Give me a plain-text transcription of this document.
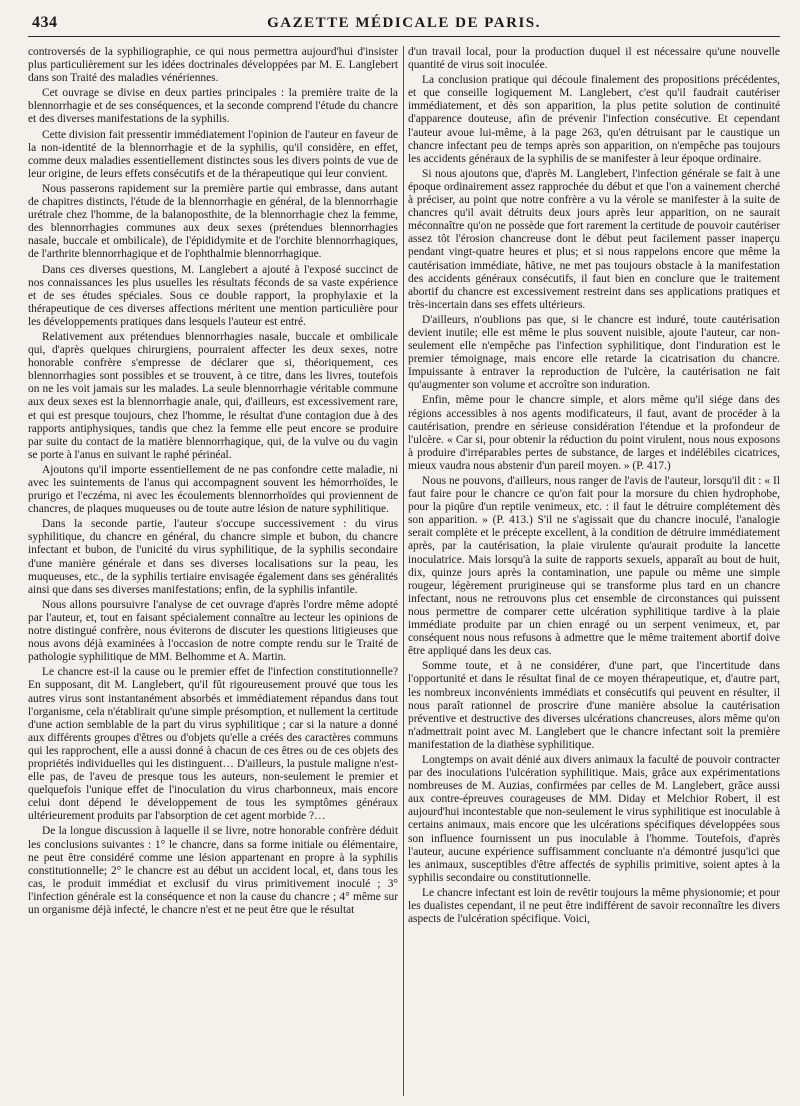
434	GAZETTE MÉDICALE DE PARIS.

controversés de la syphiliographie, ce qui nous permettra aujourd'hui d'insister plus particulièrement sur les idées doctrinales développées par M. E. Langlebert dans son Traité des maladies vénériennes.

Cet ouvrage se divise en deux parties principales : la première traite de la blennorrhagie et de ses conséquences, et la seconde comprend l'étude du chancre et des diverses manifestations de la syphilis.

Cette division fait pressentir immédiatement l'opinion de l'auteur en faveur de la non-identité de la blennorrhagie et de la syphilis, qu'il considère, en effet, comme deux maladies essentiellement distinctes sous les divers points de vue de leur origine, de leurs effets consécutifs et de la thérapeutique qui leur convient.

Nous passerons rapidement sur la première partie qui embrasse, dans autant de chapitres distincts, l'étude de la blennorrhagie en général, de la blennorrhagie urétrale chez l'homme, de la balanoposthite, de la blennorrhagie chez la femme, des blennorrhagies communes aux deux sexes (prétendues blennorrhagies nasale, buccale et ombilicale), de l'épididymite et de l'orchite blennorrhagiques, de l'arthrite blennorrhagique et de l'ophthalmie blennorrhagique.

Dans ces diverses questions, M. Langlebert a ajouté à l'exposé succinct de nos connaissances les plus usuelles les résultats féconds de sa vaste expérience et de ses études spéciales. Sous ce double rapport, la prophylaxie et la thérapeutique de ces diverses affections méritent une mention particulière pour les développements pratiques dans lesquels l'auteur est entré.

Relativement aux prétendues blennorrhagies nasale, buccale et ombilicale qui, d'après quelques chirurgiens, pourraient affecter les deux sexes, notre honorable confrère s'empresse de déclarer que si, théoriquement, ces blennorrhagies sont possibles et se trouvent, à ce titre, dans les livres, toutefois on ne les voit jamais sur les malades. La seule blennorrhagie véritable commune aux deux sexes est la blennorrhagie anale, qui, d'ailleurs, est excessivement rare, et qui est presque toujours, chez l'homme, le résultat d'une contagion due à des rapports antiphysiques, tandis que chez la femme elle peut encore se produire par suite du contact de la matière blennorrhagique, qui, de la vulve ou du vagin se porte à l'anus en suivant le raphé périnéal.

Ajoutons qu'il importe essentiellement de ne pas confondre cette maladie, ni avec les suintements de l'anus qui accompagnent souvent les hémorrhoïdes, le prurigo et l'eczéma, ni avec les écoulements blennorrhoïdes qui proviennent de chancres, de plaques muqueuses ou de toute autre lésion de nature syphilitique.

Dans la seconde partie, l'auteur s'occupe successivement : du virus syphilitique, du chancre en général, du chancre simple et bubon, du chancre infectant et bubon, de l'unicité du virus syphilitique, de la syphilis secondaire d'une manière générale et dans ses diverses localisations sur la peau, les muqueuses, etc., de la syphilis tertiaire envisagée également dans ses généralités ainsi que dans ses diverses manifestations; enfin, de la syphilis infantile.

Nous allons poursuivre l'analyse de cet ouvrage d'après l'ordre même adopté par l'auteur, et, tout en faisant spécialement connaître au lecteur les opinions de notre distingué confrère, nous éviterons de discuter les questions litigieuses que nous avons déjà examinées à l'occasion de notre compte rendu sur le Traité de pathologie syphilitique de MM. Belhomme et A. Martin.

Le chancre est-il la cause ou le premier effet de l'infection constitutionnelle? En supposant, dit M. Langlebert, qu'il fût rigoureusement prouvé que tous les autres virus sont instantanément absorbés et immédiatement répandus dans tout l'organisme, cela n'établirait qu'une simple présomption, et nullement la certitude d'une action semblable de la part du virus syphilitique ; car si la nature a donné aux différents groupes d'êtres ou d'objets qu'elle a créés des caractères communs qui les rapprochent, elle a aussi donné à chacun de ces êtres ou de ces objets des propriétés individuelles qui les distinguent… D'ailleurs, la pustule maligne n'est-elle pas, de l'aveu de presque tous les auteurs, non-seulement le premier et quelquefois l'unique effet de l'inoculation du virus charbonneux, mais encore celui dont dépend le développement de tous les symptômes généraux ultérieurement produits par l'absorption de cet agent morbide ?…

De la longue discussion à laquelle il se livre, notre honorable confrère déduit les conclusions suivantes : 1° le chancre, dans sa forme initiale ou élémentaire, ne peut être considéré comme une lésion appartenant en propre à la syphilis constitutionnelle; 2° le chancre est au début un accident local, et, dans tous les cas, le produit immédiat et exclusif du virus primitivement inoculé ; 3° l'infection générale est la conséquence et non la cause du chancre ; 4° même sur un organisme déjà infecté, le chancre n'est et ne peut être que le résultat

d'un travail local, pour la production duquel il est nécessaire qu'une nouvelle quantité de virus soit inoculée.

La conclusion pratique qui découle finalement des propositions précédentes, et que conseille logiquement M. Langlebert, c'est qu'il faudrait cautériser immédiatement, et dès son apparition, la plus petite solution de continuité d'apparence douteuse, afin de prévenir l'infection consécutive. Et cependant l'auteur avoue lui-même, à la page 263, qu'en détruisant par le caustique un chancre infectant peu de temps après son apparition, on n'empêche pas toujours les accidents généraux de la syphilis de se manifester à leur époque ordinaire.

Si nous ajoutons que, d'après M. Langlebert, l'infection générale se fait à une époque ordinairement assez rapprochée du début et que l'on a vainement cherché à préciser, au point que notre confrère a vu la vérole se manifester à la suite de chancres qu'il avait détruits deux jours après leur apparition, on ne saurait méconnaître qu'on ne possède que fort rarement la certitude de pouvoir cautériser assez tôt l'érosion chancreuse dont le début peut facilement passer inaperçu pendant vingt-quatre heures et plus; et si nous rappelons encore que même la cautérisation immédiate, hâtive, ne met pas toujours obstacle à la manifestation des accidents généraux consécutifs, il faut bien en conclure que le traitement abortif du chancre est excessivement restreint dans ses applications pratiques et très-incertain dans ses effets ultérieurs.

D'ailleurs, n'oublions pas que, si le chancre est induré, toute cautérisation devient inutile; elle est même le plus souvent nuisible, ajoute l'auteur, car non-seulement elle n'empêche pas l'infection syphilitique, dont l'induration est le premier témoignage, mais encore elle retarde la cicatrisation du chancre. Impuissante à entraver la reproduction de l'ulcère, la cautérisation ne fait qu'augmenter son volume et accroître son induration.

Enfin, même pour le chancre simple, et alors même qu'il siége dans des régions accessibles à nos agents modificateurs, il faut, avant de procéder à la cautérisation, prendre en sérieuse considération l'étendue et la profondeur de l'ulcère. « Car si, pour obtenir la réduction du point virulent, nous nous exposons à produire d'irréparables pertes de substance, de larges et indélébiles cicatrices, mieux vaudra nous abstenir d'un pareil moyen. » (P. 417.)

Nous ne pouvons, d'ailleurs, nous ranger de l'avis de l'auteur, lorsqu'il dit : « Il faut faire pour le chancre ce qu'on fait pour la morsure du chien hydrophobe, pour la piqûre d'un reptile venimeux, etc. : il faut le détruire complétement dès son apparition. » (P. 413.) S'il ne s'agissait que du chancre inoculé, l'analogie serait complète et le précepte excellent, à la condition de détruire immédiatement après, par la cautérisation, la plaie virulente qu'aurait produite la lancette inoculatrice. Mais lorsqu'à la suite de rapports sexuels, apparaît au bout de huit, dix, quinze jours après la contamination, une papule ou même une simple rougeur, légèrement prurigineuse qui se transforme plus tard en un chancre infectant, nous ne retrouvons plus cet ensemble de circonstances qui puissent nous permettre de comparer cette ulcération syphilitique tardive à la plaie immédiate produite par un chien enragé ou un serpent venimeux, et, par conséquent nous nous refusons à admettre que le même traitement abortif doive être appliqué dans les deux cas.

Somme toute, et à ne considérer, d'une part, que l'incertitude dans l'opportunité et dans le résultat final de ce moyen thérapeutique, et, d'autre part, les nombreux inconvénients immédiats et consécutifs qui peuvent en résulter, il nous paraît rationnel de proscrire d'une manière absolue la cautérisation préventive et destructive des diverses ulcérations chancreuses, alors même qu'on n'admettrait point avec M. Langlebert que le chancre infectant soit la première manifestation de la diathèse syphilitique.

Longtemps on avait dénié aux divers animaux la faculté de pouvoir contracter par des inoculations l'ulcération syphilitique. Mais, grâce aux expérimentations nombreuses de M. Auzias, confirmées par celles de M. Langlebert, grâce aussi aux contre-épreuves courageuses de MM. Diday et Melchior Robert, il est aujourd'hui incontestable que non-seulement le virus syphilitique est inoculable à certains animaux, mais encore que les ulcérations spécifiques développées sous son influence fournissent un pus inoculable à l'homme. Toutefois, d'après l'auteur, aucune expérience suffisamment concluante n'a démontré jusqu'ici que les animaux, susceptibles d'être affectés de syphilis primitive, soient aptes à la syphilis secondaire ou constitutionnelle.

Le chancre infectant est loin de revêtir toujours la même physionomie; et pour les dualistes cependant, il ne peut être indifférent de savoir reconnaître les divers aspects de l'ulcération spécifique. Voici,
